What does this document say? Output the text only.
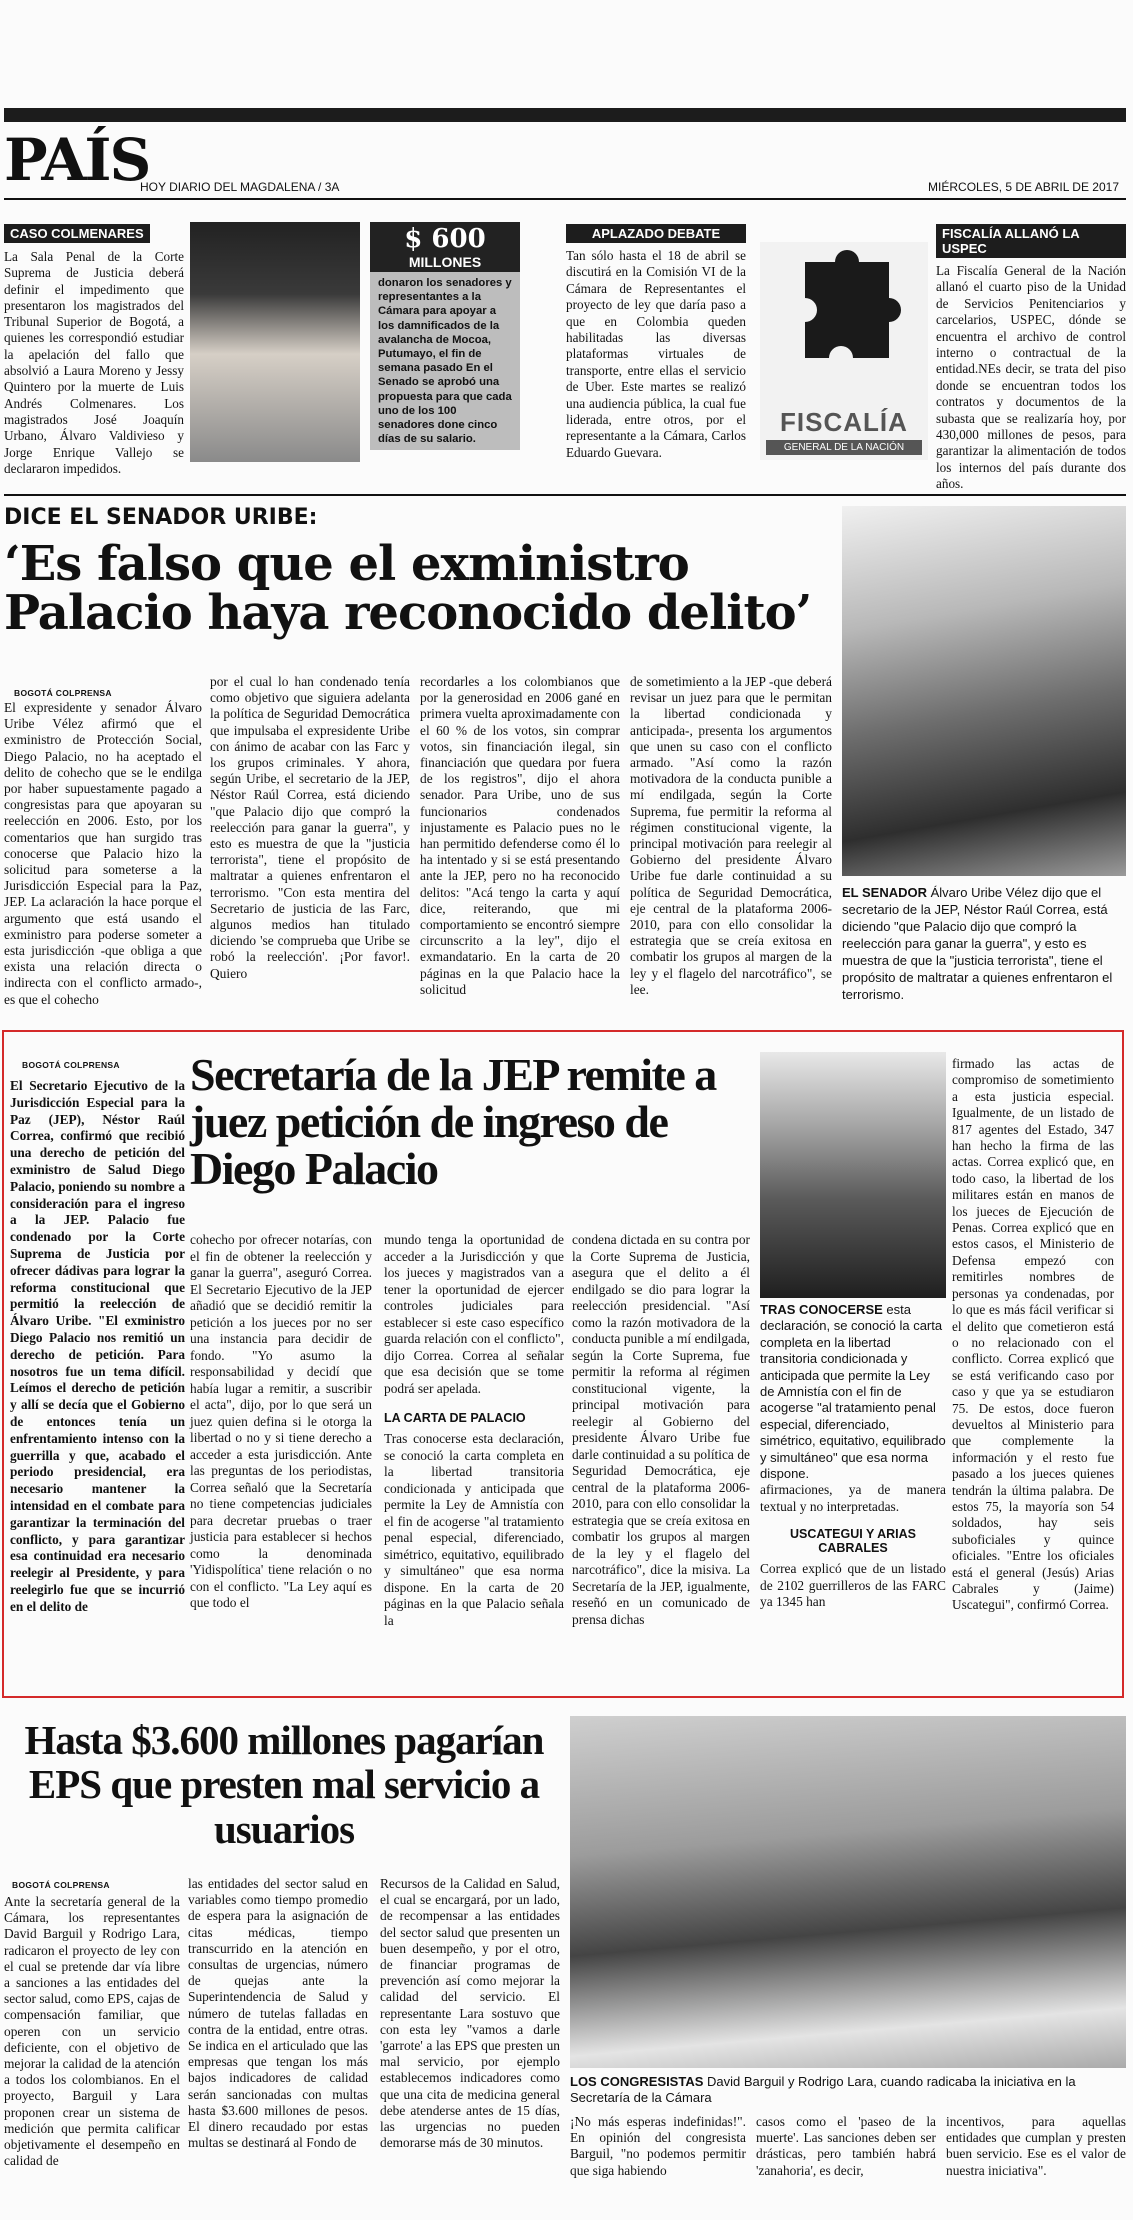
PAÍS
HOY DIARIO DEL MAGDALENA / 3A	MIÉRCOLES, 5 DE ABRIL DE 2017
CASO COLMENARES
La Sala Penal de la Corte Suprema de Justicia deberá definir el impedimento que presentaron los magistrados del Tribunal Superior de Bogotá, a quienes les correspondió estudiar la apelación del fallo que absolvió a Laura Moreno y Jessy Quintero por la muerte de Luis Andrés Colmenares. Los magistrados José Joaquín Urbano, Álvaro Valdivieso y Jorge Enrique Vallejo se declararon impedidos.
$ 600
MILLONES
donaron los senadores y representantes a la Cámara para apoyar a los damnificados de la avalancha de Mocoa, Putumayo, el fin de semana pasado En el Senado se aprobó una propuesta para que cada uno de los 100 senadores done cinco días de su salario.
APLAZADO DEBATE
Tan sólo hasta el 18 de abril se discutirá en la Comisión VI de la Cámara de Representantes el proyecto de ley que daría paso a que en Colombia queden habilitadas las diversas plataformas virtuales de transporte, entre ellas el servicio de Uber. Este martes se realizó una audiencia pública, la cual fue liderada, entre otros, por el representante a la Cámara, Carlos Eduardo Guevara.
FISCALÍA
GENERAL DE LA NACIÓN
FISCALÍA ALLANÓ LA USPEC
La Fiscalía General de la Nación allanó el cuarto piso de la Unidad de Servicios Penitenciarios y carcelarios, USPEC, dónde se encuentra el archivo de control interno o contractual de la entidad.NEs decir, se trata del piso donde se encuentran todos los contratos y documentos de la subasta que se realizaría hoy, por 430,000 millones de pesos, para garantizar la alimentación de todos los internos del país durante dos años.
DICE EL SENADOR URIBE:
‘Es falso que el exministro Palacio haya reconocido delito’
EL SENADOR Álvaro Uribe Vélez dijo que el secretario de la JEP, Néstor Raúl Correa, está diciendo "que Palacio dijo que compró la reelección para ganar la guerra", y esto es muestra de que la "justicia terrorista", tiene el propósito de maltratar a quienes enfrentaron el terrorismo.
BOGOTÁ COLPRENSA
El expresidente y senador Álvaro Uribe Vélez afirmó que el exministro de Protección Social, Diego Palacio, no ha aceptado el delito de cohecho que se le endilga por haber supuestamente pagado a congresistas para que apoyaran su reelección en 2006. Esto, por los comentarios que han surgido tras conocerse que Palacio hizo la solicitud para someterse a la Jurisdicción Especial para la Paz, JEP. La aclaración la hace porque el argumento que está usando el exministro para poderse someter a esta jurisdicción -que obliga a que exista una relación directa o indirecta con el conflicto armado-, es que el cohecho
por el cual lo han condenado tenía como objetivo que siguiera adelanta la política de Seguridad Democrática que impulsaba el expresidente Uribe con ánimo de acabar con las Farc y los grupos criminales. Y ahora, según Uribe, el secretario de la JEP, Néstor Raúl Correa, está diciendo "que Palacio dijo que compró la reelección para ganar la guerra", y esto es muestra de que la "justicia terrorista", tiene el propósito de maltratar a quienes enfrentaron el terrorismo. "Con esta mentira del Secretario de justicia de las Farc, algunos medios han titulado diciendo 'se comprueba que Uribe se robó la reelección'. ¡Por favor!. Quiero
recordarles a los colombianos que por la generosidad en 2006 gané en primera vuelta aproximadamente con el 60 % de los votos, sin comprar votos, sin financiación ilegal, sin financiación que quedara por fuera de los registros", dijo el ahora senador. Para Uribe, uno de sus funcionarios condenados injustamente es Palacio pues no le han permitido defenderse como él lo ha intentado y si se está presentando ante la JEP, pero no ha reconocido delitos: "Acá tengo la carta y aquí dice, reiterando, que mi comportamiento se encontró siempre circunscrito a la ley", dijo el exmandatario. En la carta de 20 páginas en la que Palacio hace la solicitud
de sometimiento a la JEP -que deberá revisar un juez para que le permitan la libertad condicionada y anticipada-, presenta los argumentos que unen su caso con el conflicto armado. "Así como la razón motivadora de la conducta punible a mí endilgada, según la Corte Suprema, fue permitir la reforma al régimen constitucional vigente, la principal motivación para reelegir al Gobierno del presidente Álvaro Uribe fue darle continuidad a su política de Seguridad Democrática, eje central de la plataforma 2006-2010, para con ello consolidar la estrategia que se creía exitosa en combatir los grupos al margen de la ley y el flagelo del narcotráfico", se lee.
BOGOTÁ COLPRENSA
El Secretario Ejecutivo de la Jurisdicción Especial para la Paz (JEP), Néstor Raúl Correa, confirmó que recibió una derecho de petición del exministro de Salud Diego Palacio, poniendo su nombre a consideración para el ingreso a la JEP. Palacio fue condenado por la Corte Suprema de Justicia por ofrecer dádivas para lograr la reforma constitucional que permitió la reelección de Álvaro Uribe. "El exministro Diego Palacio nos remitió un derecho de petición. Para nosotros fue un tema difícil. Leímos el derecho de petición y allí se decía que el Gobierno de entonces tenía un enfrentamiento intenso con la guerrilla y que, acabado el periodo presidencial, era necesario mantener la intensidad en el combate para garantizar la terminación del conflicto, y para garantizar esa continuidad era necesario reelegir al Presidente, y para reelegirlo fue que se incurrió en el delito de
Secretaría de la JEP remite a juez petición de ingreso de Diego Palacio
TRAS CONOCERSE esta declaración, se conoció la carta completa en la libertad transitoria condicionada y anticipada que permite la Ley de Amnistía con el fin de acogerse "al tratamiento penal especial, diferenciado, simétrico, equitativo, equilibrado y simultáneo" que esa norma dispone.
cohecho por ofrecer notarías, con el fin de obtener la reelección y ganar la guerra", aseguró Correa. El Secretario Ejecutivo de la JEP añadió que se decidió remitir la petición a los jueces por no ser una instancia para decidir de fondo. "Yo asumo la responsabilidad y decidí que había lugar a remitir, a suscribir el acta", dijo, por lo que será un juez quien defina si le otorga la libertad o no y si tiene derecho a acceder a esta jurisdicción. Ante las preguntas de los periodistas, Correa señaló que la Secretaría no tiene competencias judiciales para decretar pruebas o traer justicia para establecer si hechos como la denominada 'Yidispolítica' tiene relación o no con el conflicto. "La Ley aquí es que todo el
mundo tenga la oportunidad de acceder a la Jurisdicción y que los jueces y magistrados van a tener la oportunidad de ejercer controles judiciales para establecer si este caso específico guarda relación con el conflicto", dijo Correa. Correa al señalar que esa decisión que se tome podrá ser apelada.
LA CARTA DE PALACIO
Tras conocerse esta declaración, se conoció la carta completa en la libertad transitoria condicionada y anticipada que permite la Ley de Amnistía con el fin de acogerse "al tratamiento penal especial, diferenciado, simétrico, equitativo, equilibrado y simultáneo" que esa norma dispone. En la carta de 20 páginas en la que Palacio señala la
condena dictada en su contra por la Corte Suprema de Justicia, asegura que el delito a él endilgado se dio para lograr la reelección presidencial. "Así como la razón motivadora de la conducta punible a mí endilgada, según la Corte Suprema, fue permitir la reforma al régimen constitucional vigente, la principal motivación para reelegir al Gobierno del presidente Álvaro Uribe fue darle continuidad a su política de Seguridad Democrática, eje central de la plataforma 2006-2010, para con ello consolidar la estrategia que se creía exitosa en combatir los grupos al margen de la ley y el flagelo del narcotráfico", dice la misiva. La Secretaría de la JEP, igualmente, reseñó en un comunicado de prensa dichas
afirmaciones, ya de manera textual y no interpretadas.
USCATEGUI Y ARIAS CABRALES
Correa explicó que de un listado de 2102 guerrilleros de las FARC ya 1345 han
firmado las actas de compromiso de sometimiento a esta justicia especial. Igualmente, de un listado de 817 agentes del Estado, 347 han hecho la firma de las actas. Correa explicó que, en todo caso, la libertad de los militares están en manos de los jueces de Ejecución de Penas. Correa explicó que en estos casos, el Ministerio de Defensa empezó con remitirles nombres de personas ya condenadas, por lo que es más fácil verificar si el delito que cometieron está o no relacionado con el conflicto. Correa explicó que se está verificando caso por caso y que ya se estudiaron 75. De estos, doce fueron devueltos al Ministerio para que complemente la información y el resto fue pasado a los jueces quienes tendrán la última palabra. De estos 75, la mayoría son 54 soldados, hay seis suboficiales y quince oficiales. "Entre los oficiales está el general (Jesús) Arias Cabrales y (Jaime) Uscategui", confirmó Correa.
Hasta $3.600 millones pagarían EPS que presten mal servicio a usuarios
LOS CONGRESISTAS David Barguil y Rodrigo Lara, cuando radicaba la iniciativa en la Secretaría de la Cámara
BOGOTÁ COLPRENSA
Ante la secretaría general de la Cámara, los representantes David Barguil y Rodrigo Lara, radicaron el proyecto de ley con el cual se pretende dar vía libre a sanciones a las entidades del sector salud, como EPS, cajas de compensación familiar, que operen con un servicio deficiente, con el objetivo de mejorar la calidad de la atención a todos los colombianos. En el proyecto, Barguil y Lara proponen crear un sistema de medición que permita calificar objetivamente el desempeño en calidad de
las entidades del sector salud en variables como tiempo promedio de espera para la asignación de citas médicas, tiempo transcurrido en la atención en consultas de urgencias, número de quejas ante la Superintendencia de Salud y número de tutelas falladas en contra de la entidad, entre otras. Se indica en el articulado que las empresas que tengan los más bajos indicadores de calidad serán sancionadas con multas hasta $3.600 millones de pesos. El dinero recaudado por estas multas se destinará al Fondo de
Recursos de la Calidad en Salud, el cual se encargará, por un lado, de recompensar a las entidades del sector salud que presenten un buen desempeño, y por el otro, de financiar programas de prevención así como mejorar la calidad del servicio. El representante Lara sostuvo que con esta ley "vamos a darle 'garrote' a las EPS que presten un mal servicio, por ejemplo establecemos indicadores como que una cita de medicina general debe atenderse antes de 15 días, las urgencias no pueden demorarse más de 30 minutos.
¡No más esperas indefinidas!". En opinión del congresista Barguil, "no podemos permitir que siga habiendo
casos como el 'paseo de la muerte'. Las sanciones deben ser drásticas, pero también habrá 'zanahoria', es decir,
incentivos, para aquellas entidades que cumplan y presten buen servicio. Ese es el valor de nuestra iniciativa".
